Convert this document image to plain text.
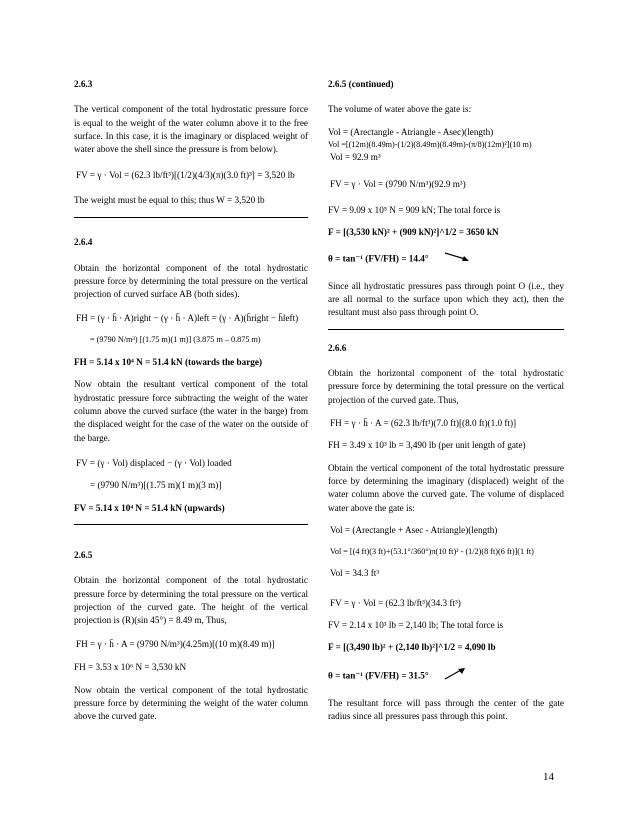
2.6.3
The vertical component of the total hydrostatic pressure force is equal to the weight of the water column above it to the free surface. In this case, it is the imaginary or displaced weight of water above the shell since the pressure is from below).
FV = γ · Vol = (62.3 lb/ft³)[(1/2)(4/3)(π)(3.0 ft)³] = 3,520 lb
The weight must be equal to this; thus W = 3,520 lb
2.6.4
Obtain the horizontal component of the total hydrostatic pressure force by determining the total pressure on the vertical projection of curved surface AB (both sides).
FH = (γ · h̄ · A)right − (γ · h̄ · A)left = (γ · A)(h̄right − h̄left)
= (9790 N/m³) [(1.75 m)(1 m)] (3.875 m – 0.875 m)
FH = 5.14 x 10⁴ N = 51.4 kN (towards the barge)
Now obtain the resultant vertical component of the total hydrostatic pressure force subtracting the weight of the water column above the curved surface (the water in the barge) from the displaced weight for the case of the water on the outside of the barge.
FV = (γ · Vol) displaced − (γ · Vol) loaded
= (9790 N/m³)[(1.75 m)(1 m)(3 m)]
FV = 5.14 x 10⁴ N = 51.4 kN (upwards)
2.6.5
Obtain the horizontal component of the total hydrostatic pressure force by determining the total pressure on the vertical projection of the curved gate. The height of the vertical projection is (R)(sin 45°) = 8.49 m, Thus,
FH = γ · h̄ · A = (9790 N/m³)(4.25m)[(10 m)(8.49 m)]
FH = 3.53 x 10⁶ N = 3,530 kN
Now obtain the vertical component of the total hydrostatic pressure force by determining the weight of the water column above the curved gate.
2.6.5 (continued)
The volume of water above the gate is:
Vol = (Arectangle - Atriangle - Asec)(length)
Vol =[(12m)(8.49m)-(1/2)(8.49m)(8.49m)-(π/8)(12m)²](10 m)
Vol = 92.9 m³
FV = γ · Vol = (9790 N/m³)(92.9 m³)
FV = 9.09 x 10⁵ N = 909 kN; The total force is
F = [(3,530 kN)² + (909 kN)²]^1/2 = 3650 kN
θ = tan⁻¹ (FV/FH) = 14.4°
Since all hydrostatic pressures pass through point O (i.e., they are all normal to the surface upon which they act), then the resultant must also pass through point O.
2.6.6
Obtain the horizontal component of the total hydrostatic pressure force by determining the total pressure on the vertical projection of the curved gate. Thus,
FH = γ · h̄ · A = (62.3 lb/ft³)(7.0 ft)[(8.0 ft)(1.0 ft)]
FH = 3.49 x 10³ lb = 3,490 lb (per unit length of gate)
Obtain the vertical component of the total hydrostatic pressure force by determining the imaginary (displaced) weight of the water column above the curved gate. The volume of displaced water above the gate is:
Vol = (Arectangle + Asec - Atriangle)(length)
Vol = [(4 ft)(3 ft)+(53.1°/360°)π(10 ft)² - (1/2)(8 ft)(6 ft)](1 ft)
Vol = 34.3 ft³
FV = γ · Vol = (62.3 lb/ft³)(34.3 ft³)
FV = 2.14 x 10³ lb = 2,140 lb; The total force is
F = [(3,490 lb)² + (2,140 lb)²]^1/2 = 4,090 lb
θ = tan⁻¹ (FV/FH) = 31.5°
The resultant force will pass through the center of the gate radius since all pressures pass through this point.
14
